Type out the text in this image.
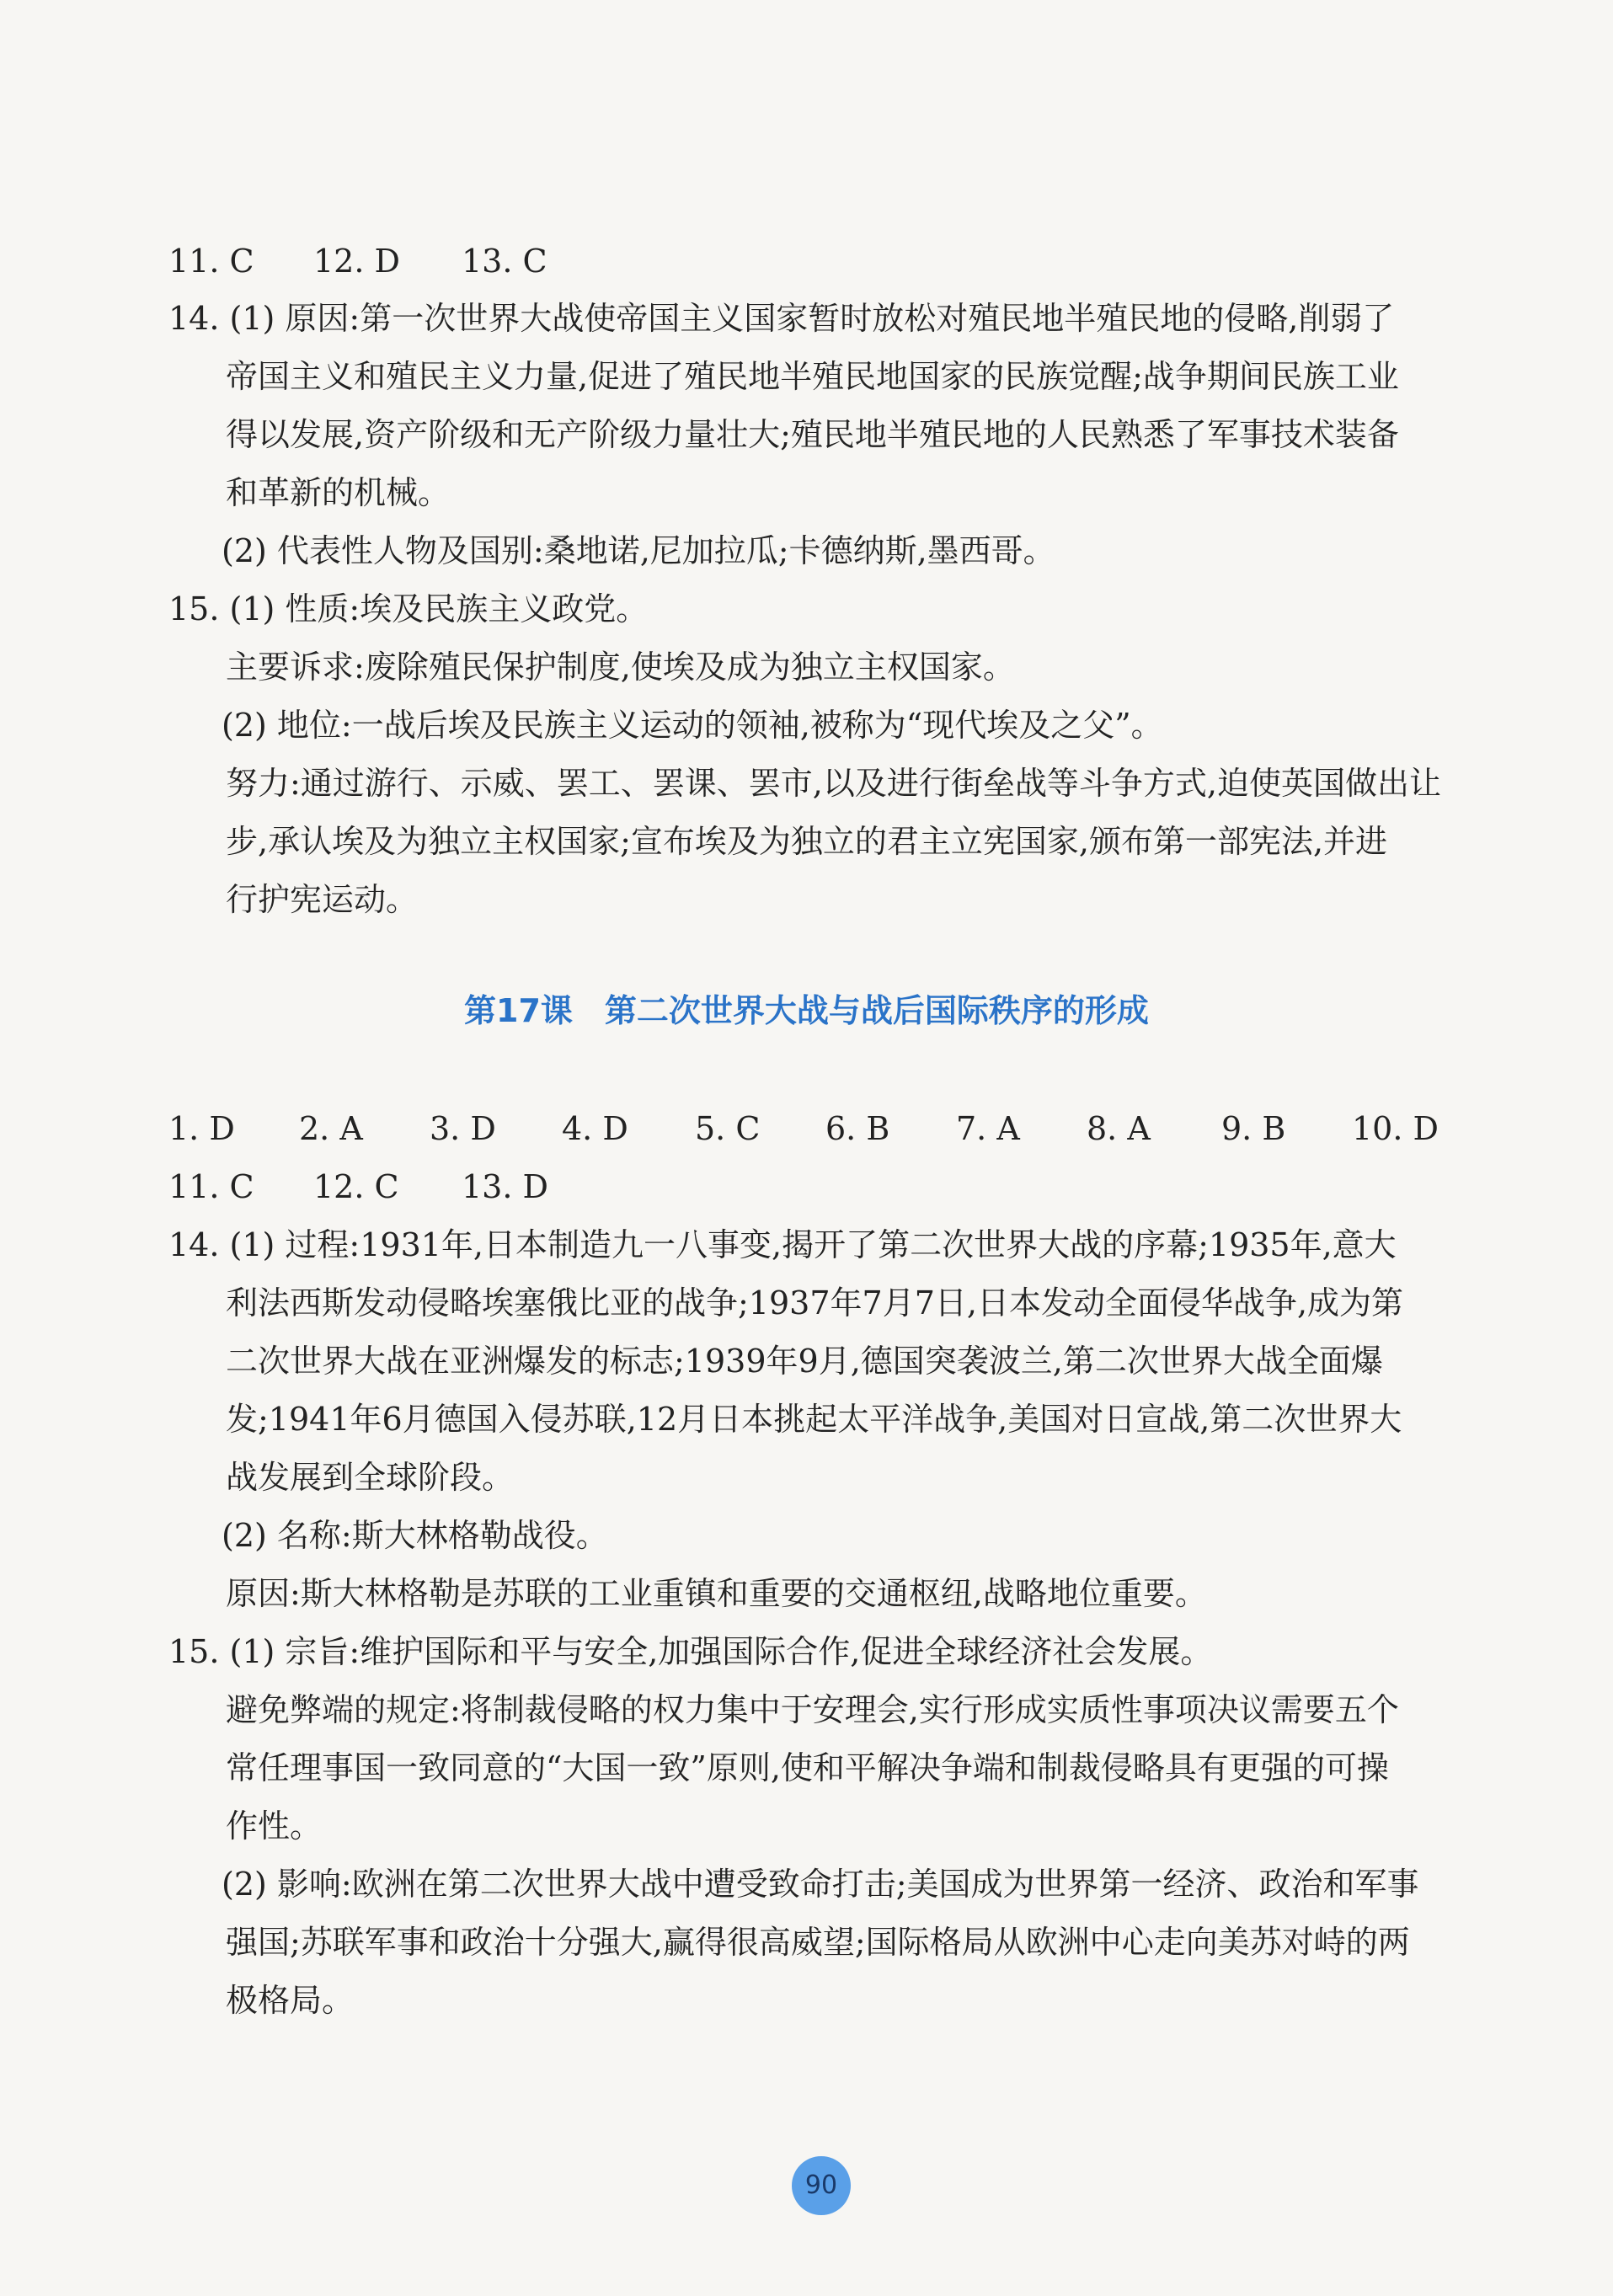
11. C 12. D 13. C
14. (1) 原因:第一次世界大战使帝国主义国家暂时放松对殖民地半殖民地的侵略,削弱了
帝国主义和殖民主义力量,促进了殖民地半殖民地国家的民族觉醒;战争期间民族工业
得以发展,资产阶级和无产阶级力量壮大;殖民地半殖民地的人民熟悉了军事技术装备
和革新的机械。
(2) 代表性人物及国别:桑地诺,尼加拉瓜;卡德纳斯,墨西哥。
15. (1) 性质:埃及民族主义政党。
主要诉求:废除殖民保护制度,使埃及成为独立主权国家。
(2) 地位:一战后埃及民族主义运动的领袖,被称为“现代埃及之父”。
努力:通过游行、示威、罢工、罢课、罢市,以及进行街垒战等斗争方式,迫使英国做出让
步,承认埃及为独立主权国家;宣布埃及为独立的君主立宪国家,颁布第一部宪法,并进
行护宪运动。
第17课　第二次世界大战与战后国际秩序的形成
1. D 2. A 3. D 4. D 5. C 6. B 7. A 8. A 9. B 10. D
11. C 12. C 13. D
14. (1) 过程:1931年,日本制造九一八事变,揭开了第二次世界大战的序幕;1935年,意大
利法西斯发动侵略埃塞俄比亚的战争;1937年7月7日,日本发动全面侵华战争,成为第
二次世界大战在亚洲爆发的标志;1939年9月,德国突袭波兰,第二次世界大战全面爆
发;1941年6月德国入侵苏联,12月日本挑起太平洋战争,美国对日宣战,第二次世界大
战发展到全球阶段。
(2) 名称:斯大林格勒战役。
原因:斯大林格勒是苏联的工业重镇和重要的交通枢纽,战略地位重要。
15. (1) 宗旨:维护国际和平与安全,加强国际合作,促进全球经济社会发展。
避免弊端的规定:将制裁侵略的权力集中于安理会,实行形成实质性事项决议需要五个
常任理事国一致同意的“大国一致”原则,使和平解决争端和制裁侵略具有更强的可操
作性。
(2) 影响:欧洲在第二次世界大战中遭受致命打击;美国成为世界第一经济、政治和军事
强国;苏联军事和政治十分强大,赢得很高威望;国际格局从欧洲中心走向美苏对峙的两
极格局。
90
